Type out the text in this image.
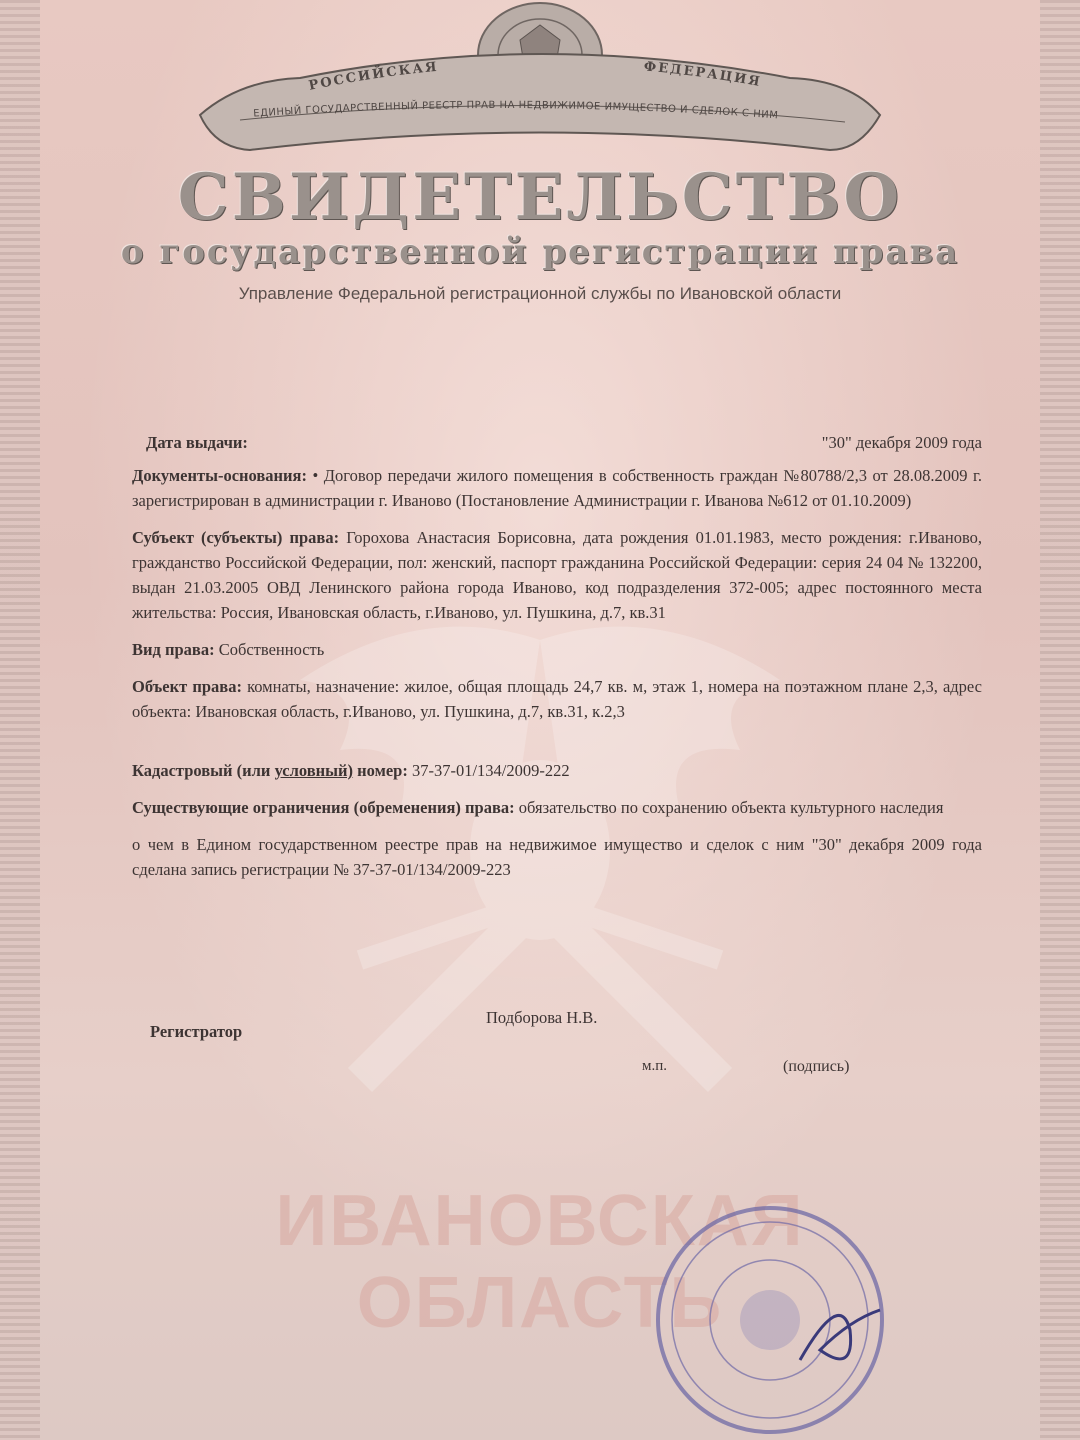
РОССИЙСКАЯ	ФЕДЕРАЦИЯ
ЕДИНЫЙ ГОСУДАРСТВЕННЫЙ РЕЕСТР ПРАВ НА НЕДВИЖИМОЕ ИМУЩЕСТВО И СДЕЛОК С НИМ
СВИДЕТЕЛЬСТВО
о государственной регистрации права
Управление Федеральной регистрационной службы по Ивановской области
Дата выдачи:	"30" декабря 2009 года
Документы-основания: • Договор передачи жилого помещения в собственность граждан №80788/2,3 от 28.08.2009 г. зарегистрирован в администрации г. Иваново (Постановление Администрации г. Иванова №612 от 01.10.2009)
Субъект (субъекты) права: Горохова Анастасия Борисовна, дата рождения 01.01.1983, место рождения: г.Иваново, гражданство Российской Федерации, пол: женский, паспорт гражданина Российской Федерации: серия 24 04 № 132200, выдан 21.03.2005 ОВД Ленинского района города Иваново, код подразделения 372-005; адрес постоянного места жительства: Россия, Ивановская область, г.Иваново, ул. Пушкина, д.7, кв.31
Вид права: Собственность
Объект права: комнаты, назначение: жилое, общая площадь 24,7 кв. м, этаж 1, номера на поэтажном плане 2,3, адрес объекта: Ивановская область, г.Иваново, ул. Пушкина, д.7, кв.31, к.2,3
Кадастровый (или условный) номер: 37-37-01/134/2009-222
Существующие ограничения (обременения) права: обязательство по сохранению объекта культурного наследия
о чем в Едином государственном реестре прав на недвижимое имущество и сделок с ним "30" декабря 2009 года сделана запись регистрации № 37-37-01/134/2009-223
ИВАНОВСКАЯ ОБЛАСТЬ
Регистратор
Подборова Н.В.
м.п.	(подпись)
